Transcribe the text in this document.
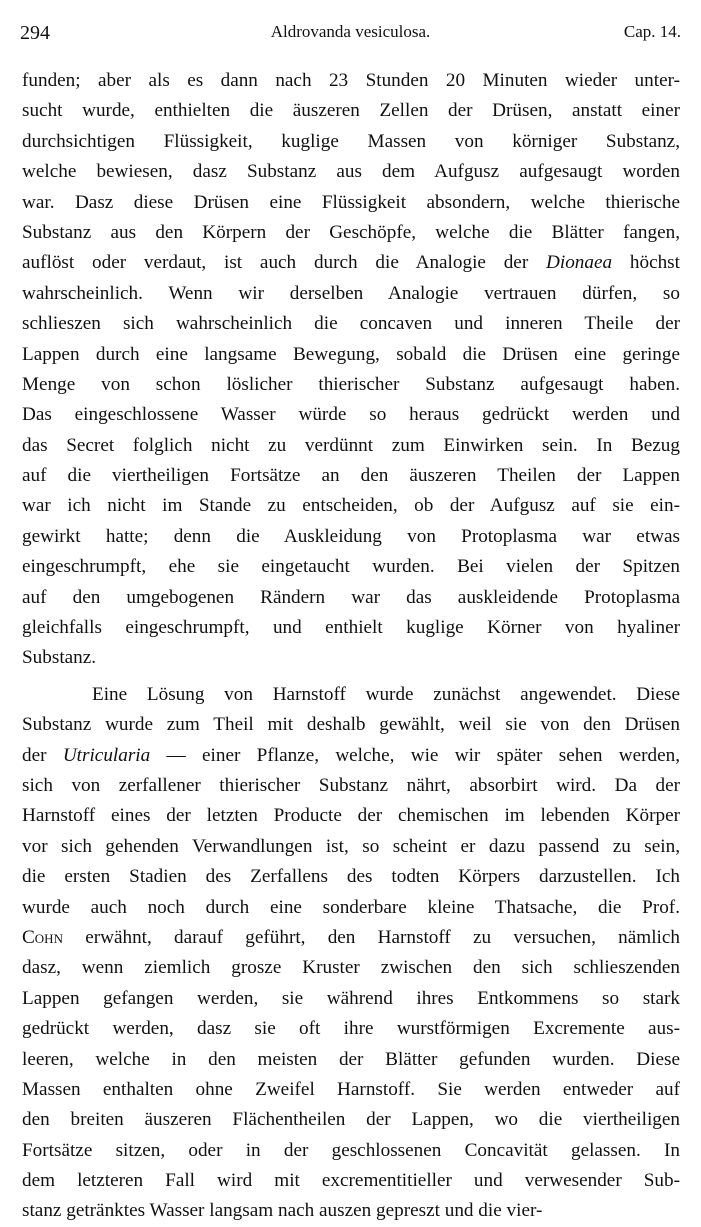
294	Aldrovanda vesiculosa.	Cap. 14.
funden; aber als es dann nach 23 Stunden 20 Minuten wieder unter-
sucht wurde, enthielten die äuszeren Zellen der Drüsen, anstatt einer
durchsichtigen Flüssigkeit, kuglige Massen von körniger Substanz,
welche bewiesen, dasz Substanz aus dem Aufgusz aufgesaugt worden
war. Dasz diese Drüsen eine Flüssigkeit absondern, welche thierische
Substanz aus den Körpern der Geschöpfe, welche die Blätter fangen,
auflöst oder verdaut, ist auch durch die Analogie der Dionaea höchst
wahrscheinlich. Wenn wir derselben Analogie vertrauen dürfen, so
schlieszen sich wahrscheinlich die concaven und inneren Theile der
Lappen durch eine langsame Bewegung, sobald die Drüsen eine geringe
Menge von schon löslicher thierischer Substanz aufgesaugt haben.
Das eingeschlossene Wasser würde so heraus gedrückt werden und
das Secret folglich nicht zu verdünnt zum Einwirken sein. In Bezug
auf die viertheiligen Fortsätze an den äuszeren Theilen der Lappen
war ich nicht im Stande zu entscheiden, ob der Aufgusz auf sie ein-
gewirkt hatte; denn die Auskleidung von Protoplasma war etwas
eingeschrumpft, ehe sie eingetaucht wurden. Bei vielen der Spitzen
auf den umgebogenen Rändern war das auskleidende Protoplasma
gleichfalls eingeschrumpft, und enthielt kuglige Körner von hyaliner
Substanz.
Eine Lösung von Harnstoff wurde zunächst angewendet. Diese
Substanz wurde zum Theil mit deshalb gewählt, weil sie von den Drüsen
der Utricularia — einer Pflanze, welche, wie wir später sehen werden,
sich von zerfallener thierischer Substanz nährt, absorbirt wird. Da der
Harnstoff eines der letzten Producte der chemischen im lebenden Körper
vor sich gehenden Verwandlungen ist, so scheint er dazu passend zu sein,
die ersten Stadien des Zerfallens des todten Körpers darzustellen. Ich
wurde auch noch durch eine sonderbare kleine Thatsache, die Prof.
Cohn erwähnt, darauf geführt, den Harnstoff zu versuchen, nämlich
dasz, wenn ziemlich grosze Kruster zwischen den sich schlieszenden
Lappen gefangen werden, sie während ihres Entkommens so stark
gedrückt werden, dasz sie oft ihre wurstförmigen Excremente aus-
leeren, welche in den meisten der Blätter gefunden wurden. Diese
Massen enthalten ohne Zweifel Harnstoff. Sie werden entweder auf
den breiten äuszeren Flächentheilen der Lappen, wo die viertheiligen
Fortsätze sitzen, oder in der geschlossenen Concavität gelassen. In
dem letzteren Fall wird mit excrementitieller und verwesender Sub-
stanz getränktes Wasser langsam nach auszen gepreszt und die vier-
